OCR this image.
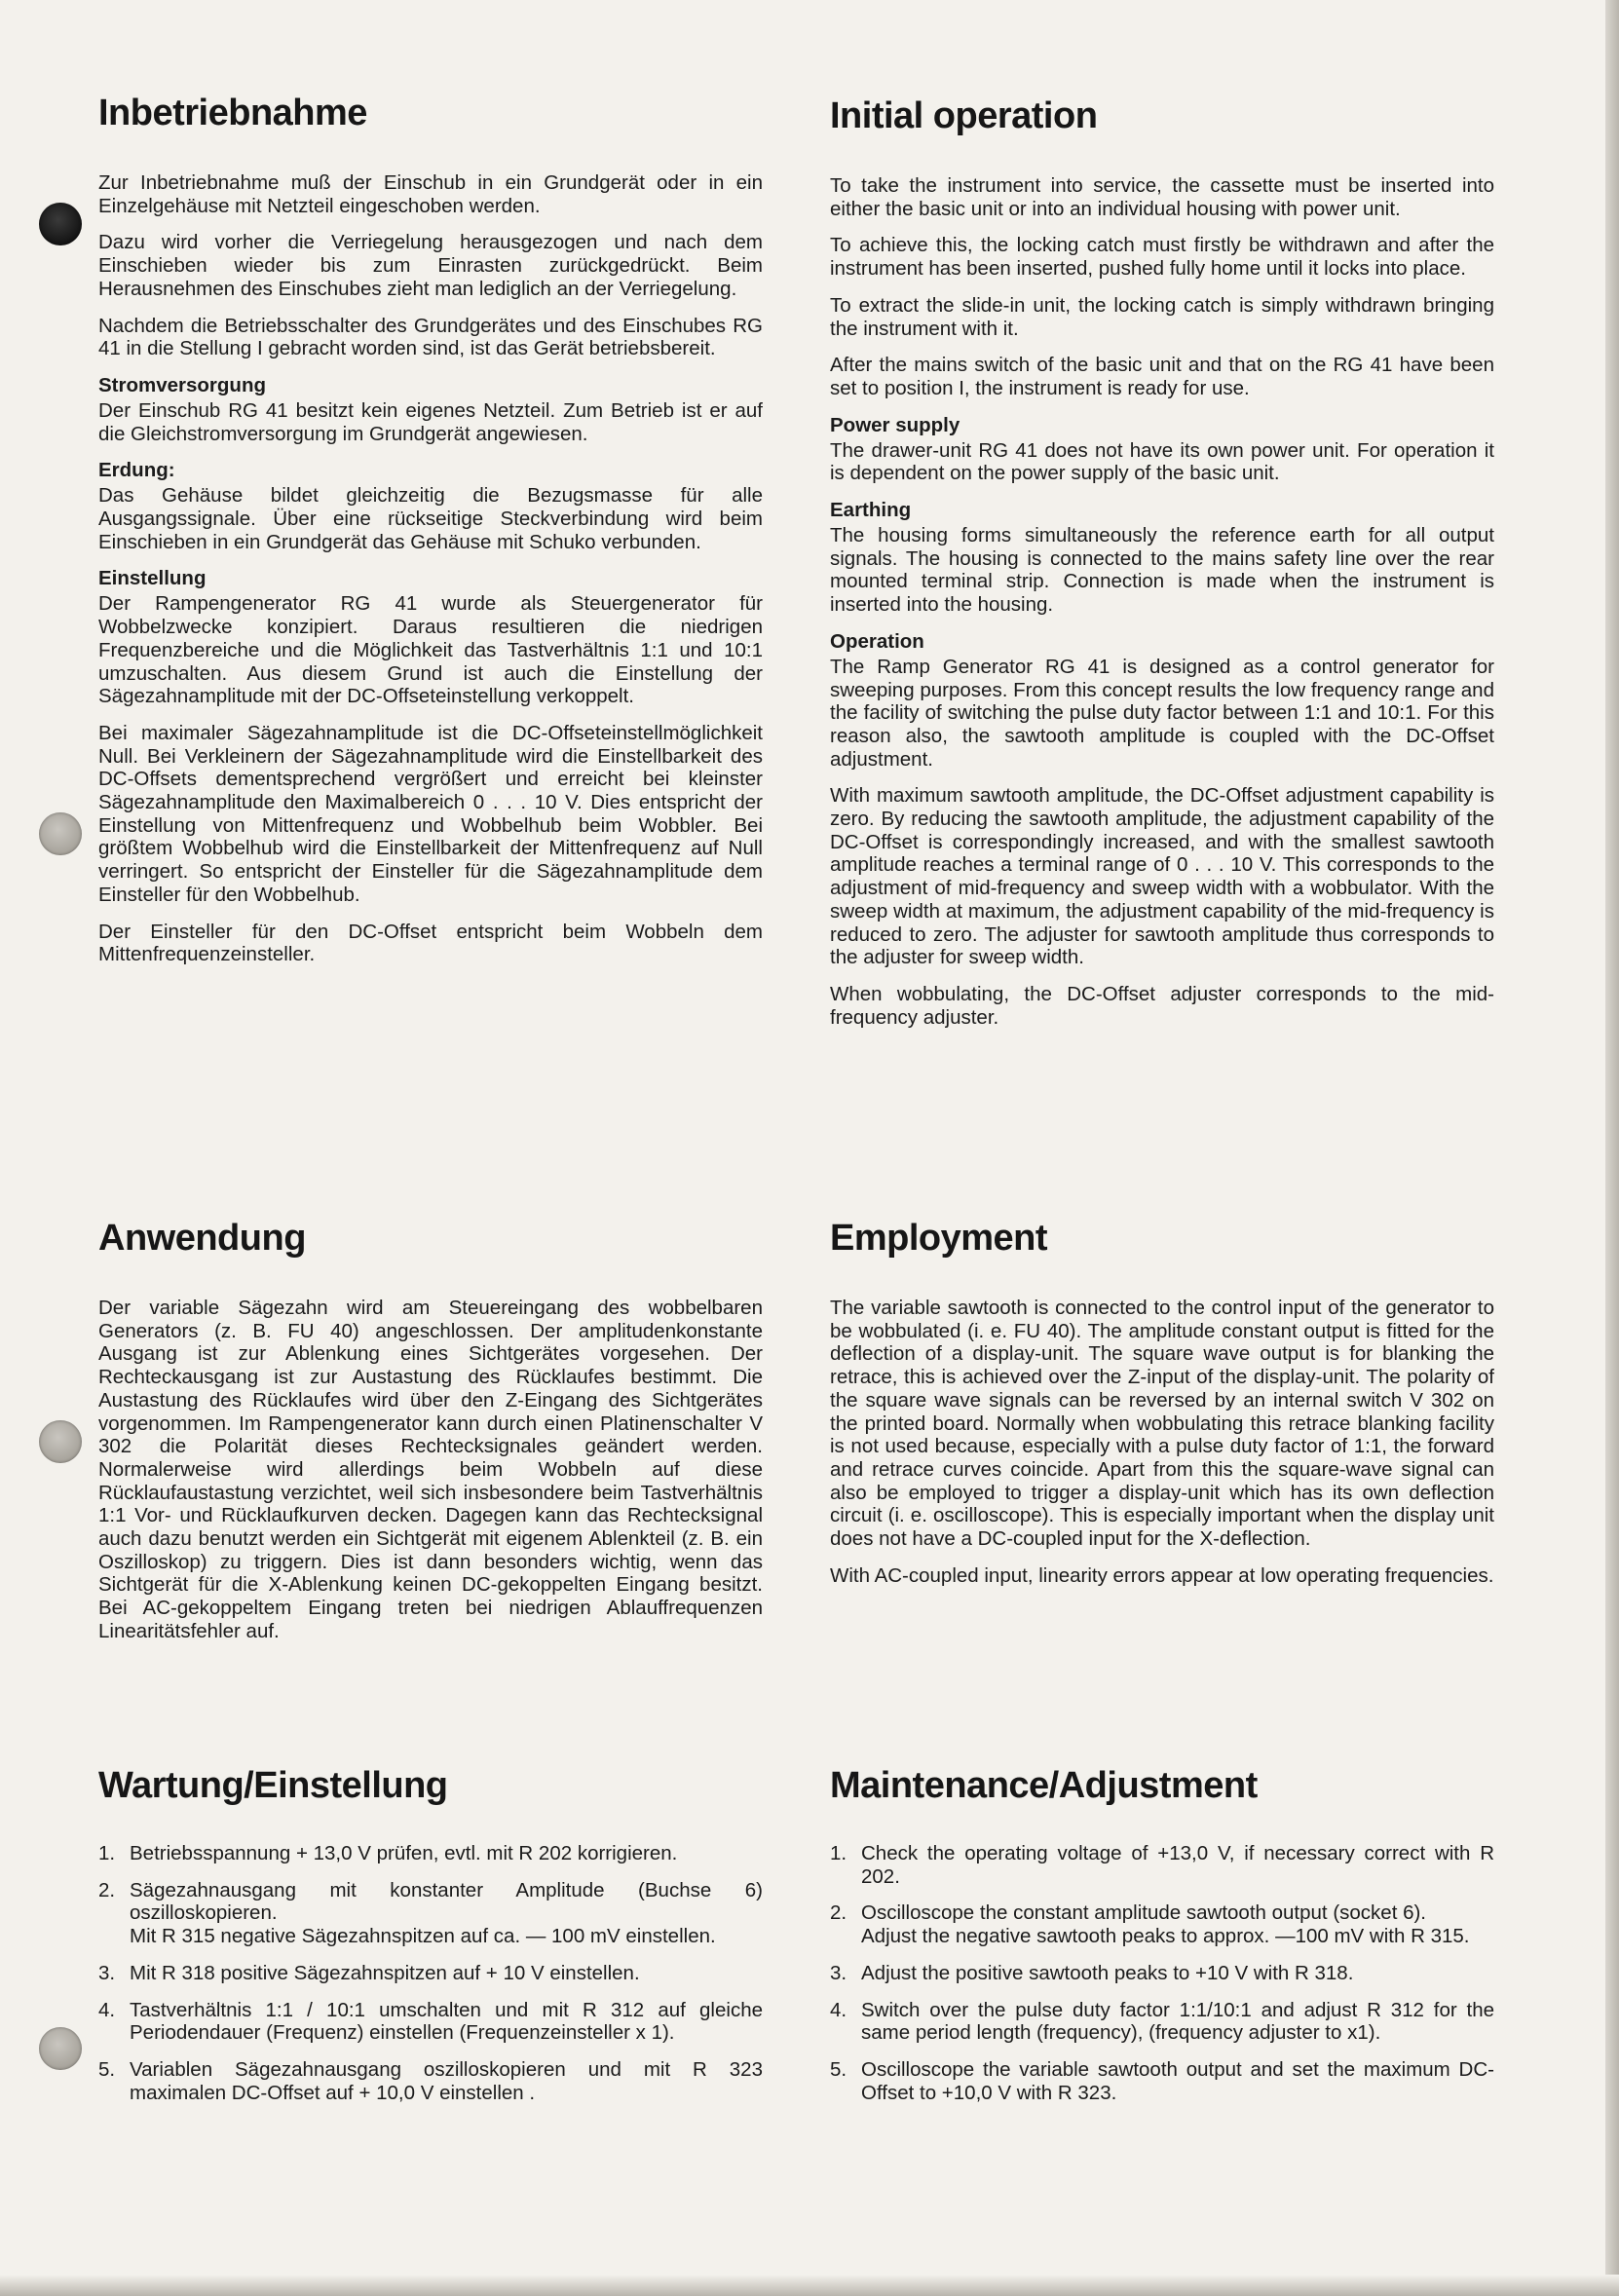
Inbetriebnahme

Zur Inbetriebnahme muß der Einschub in ein Grundgerät oder in ein Einzelgehäuse mit Netzteil eingeschoben werden.

Dazu wird vorher die Verriegelung herausgezogen und nach dem Einschieben wieder bis zum Einrasten zurückgedrückt. Beim Herausnehmen des Einschubes zieht man lediglich an der Verriegelung.

Nachdem die Betriebsschalter des Grundgerätes und des Einschubes RG 41 in die Stellung I gebracht worden sind, ist das Gerät betriebsbereit.

Stromversorgung

Der Einschub RG 41 besitzt kein eigenes Netzteil. Zum Betrieb ist er auf die Gleichstromversorgung im Grundgerät angewiesen.

Erdung:

Das Gehäuse bildet gleichzeitig die Bezugsmasse für alle Ausgangssignale. Über eine rückseitige Steckverbindung wird beim Einschieben in ein Grundgerät das Gehäuse mit Schuko verbunden.

Einstellung

Der Rampengenerator RG 41 wurde als Steuergenerator für Wobbelzwecke konzipiert. Daraus resultieren die niedrigen Frequenzbereiche und die Möglichkeit das Tastverhältnis 1:1 und 10:1 umzuschalten. Aus diesem Grund ist auch die Einstellung der Sägezahnamplitude mit der DC-Offseteinstellung verkoppelt.

Bei maximaler Sägezahnamplitude ist die DC-Offseteinstellmöglichkeit Null. Bei Verkleinern der Sägezahnamplitude wird die Einstellbarkeit des DC-Offsets dementsprechend vergrößert und erreicht bei kleinster Sägezahnamplitude den Maximalbereich 0 . . . 10 V. Dies entspricht der Einstellung von Mittenfrequenz und Wobbelhub beim Wobbler. Bei größtem Wobbelhub wird die Einstellbarkeit der Mittenfrequenz auf Null verringert. So entspricht der Einsteller für die Sägezahnamplitude dem Einsteller für den Wobbelhub.

Der Einsteller für den DC-Offset entspricht beim Wobbeln dem Mittenfrequenzeinsteller.

Anwendung

Der variable Sägezahn wird am Steuereingang des wobbelbaren Generators (z. B. FU 40) angeschlossen. Der amplitudenkonstante Ausgang ist zur Ablenkung eines Sichtgerätes vorgesehen. Der Rechteckausgang ist zur Austastung des Rücklaufes bestimmt. Die Austastung des Rücklaufes wird über den Z-Eingang des Sichtgerätes vorgenommen. Im Rampengenerator kann durch einen Platinenschalter V 302 die Polarität dieses Rechtecksignales geändert werden. Normalerweise wird allerdings beim Wobbeln auf diese Rücklaufaustastung verzichtet, weil sich insbesondere beim Tastverhältnis 1:1 Vor- und Rücklaufkurven decken. Dagegen kann das Rechtecksignal auch dazu benutzt werden ein Sichtgerät mit eigenem Ablenkteil (z. B. ein Oszilloskop) zu triggern. Dies ist dann besonders wichtig, wenn das Sichtgerät für die X-Ablenkung keinen DC-gekoppelten Eingang besitzt. Bei AC-gekoppeltem Eingang treten bei niedrigen Ablauffrequenzen Linearitätsfehler auf.

Wartung/Einstellung
1. Betriebsspannung + 13,0 V prüfen, evtl. mit R 202 korrigieren.
2. Sägezahnausgang mit konstanter Amplitude (Buchse 6) oszilloskopieren.
Mit R 315 negative Sägezahnspitzen auf ca. — 100 mV einstellen.
3. Mit R 318 positive Sägezahnspitzen auf + 10 V einstellen.
4. Tastverhältnis 1:1 / 10:1 umschalten und mit R 312 auf gleiche Periodendauer (Frequenz) einstellen (Frequenzeinsteller x 1).
5. Variablen Sägezahnausgang oszilloskopieren und mit R 323 maximalen DC-Offset auf + 10,0 V einstellen .
Initial operation

To take the instrument into service, the cassette must be inserted into either the basic unit or into an individual housing with power unit.

To achieve this, the locking catch must firstly be withdrawn and after the instrument has been inserted, pushed fully home until it locks into place.

To extract the slide-in unit, the locking catch is simply withdrawn bringing the instrument with it.

After the mains switch of the basic unit and that on the RG 41 have been set to position I, the instrument is ready for use.

Power supply

The drawer-unit RG 41 does not have its own power unit. For operation it is dependent on the power supply of the basic unit.

Earthing

The housing forms simultaneously the reference earth for all output signals. The housing is connected to the mains safety line over the rear mounted terminal strip. Connection is made when the instrument is inserted into the housing.

Operation

The Ramp Generator RG 41 is designed as a control generator for sweeping purposes. From this concept results the low frequency range and the facility of switching the pulse duty factor between 1:1 and 10:1. For this reason also, the sawtooth amplitude is coupled with the DC-Offset adjustment.

With maximum sawtooth amplitude, the DC-Offset adjustment capability is zero. By reducing the sawtooth amplitude, the adjustment capability of the DC-Offset is correspondingly increased, and with the smallest sawtooth amplitude reaches a terminal range of 0 . . . 10 V. This corresponds to the adjustment of mid-frequency and sweep width with a wobbulator. With the sweep width at maximum, the adjustment capability of the mid-frequency is reduced to zero. The adjuster for sawtooth amplitude thus corresponds to the adjuster for sweep width.

When wobbulating, the DC-Offset adjuster corresponds to the mid-frequency adjuster.

Employment

The variable sawtooth is connected to the control input of the generator to be wobbulated (i. e. FU 40). The amplitude constant output is fitted for the deflection of a display-unit. The square wave output is for blanking the retrace, this is achieved over the Z-input of the display-unit. The polarity of the square wave signals can be reversed by an internal switch V 302 on the printed board. Normally when wobbulating this retrace blanking facility is not used because, especially with a pulse duty factor of 1:1, the forward and retrace curves coincide. Apart from this the square-wave signal can also be employed to trigger a display-unit which has its own deflection circuit (i. e. oscilloscope). This is especially important when the display unit does not have a DC-coupled input for the X-deflection.

With AC-coupled input, linearity errors appear at low operating frequencies.

Maintenance/Adjustment
1. Check the operating voltage of +13,0 V, if necessary correct with R 202.
2. Oscilloscope the constant amplitude sawtooth output (socket 6).
Adjust the negative sawtooth peaks to approx. —100 mV with R 315.
3. Adjust the positive sawtooth peaks to +10 V with R 318.
4. Switch over the pulse duty factor 1:1/10:1 and adjust R 312 for the same period length (frequency), (frequency adjuster to x1).
5. Oscilloscope the variable sawtooth output and set the maximum DC-Offset to +10,0 V with R 323.
